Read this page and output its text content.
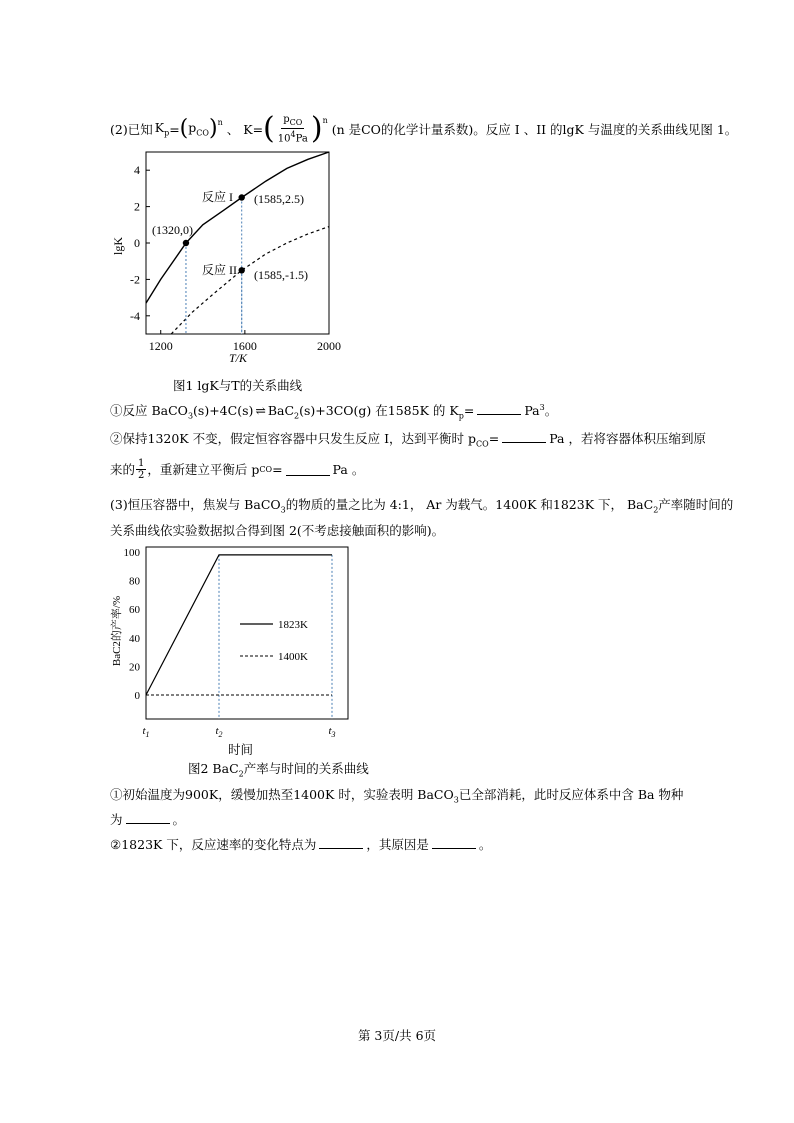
(2)已知 $K_p$ = ( $p_{CO}$ )$^n$ 、 K= ( $\frac{p_{CO}}{10^4Pa} )^n$
(n 是CO的化学计量系数)。反应 I 、II 的lgK 与温度的关系曲线见图 1。
1200	1600	2000
4
2
0
-2
-4
lgK
T/K
反应 I
反应 II
(1320,0)
(1585,2.5)
(1585,-1.5)
图1 lgK与T的关系曲线
①反应 BaCO$_3$(s)+4C(s) ⇌ BaC$_2$(s)+3CO(g) 在1585K 的 $K_p=$	$Pa^3$。
②保持1320K 不变，假定恒容容器中只发生反应 I，达到平衡时 $p_{CO}=$	Pa ，若将容器体积压缩到原
来的 $\frac{1}{2}$ ，重新建立平衡后 p CO =	Pa 。
(3)恒压容器中，焦炭与 BaCO$_3$的物质的量之比为 4:1， Ar 为载气。1400K 和1823K 下， BaC$_2$产率随时间的
关系曲线依实验数据拟合得到图 2(不考虑接触面积的影响)。
100
80
60
40
20
0
1823K
1400K
BaC2的产率/%
$t_1$	$t_2$	$t_3$
时间
图2 BaC$_2$产率与时间的关系曲线
①初始温度为900K，缓慢加热至1400K 时，实验表明 BaCO$_3$已全部消耗，此时反应体系中含 Ba 物种
为	。
②1823K 下，反应速率的变化特点为	，其原因是	。
第 3页/共 6页
